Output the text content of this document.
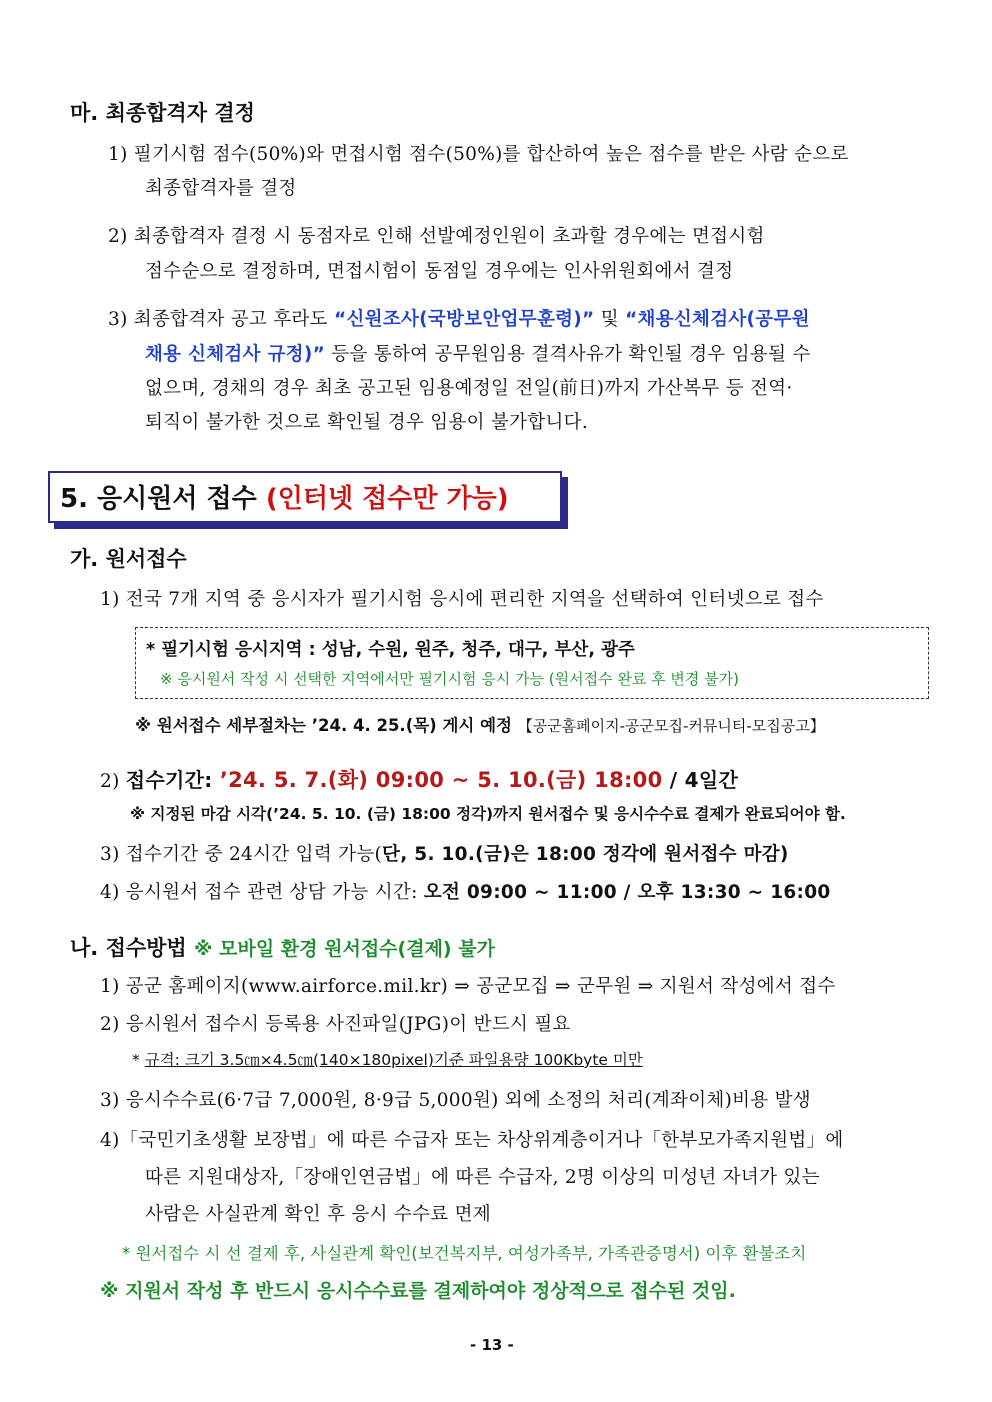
마. 최종합격자 결정
1) 필기시험 점수(50%)와 면접시험 점수(50%)를 합산하여 높은 점수를 받은 사람 순으로
최종합격자를 결정
2) 최종합격자 결정 시 동점자로 인해 선발예정인원이 초과할 경우에는 면접시험
점수순으로 결정하며, 면접시험이 동점일 경우에는 인사위원회에서 결정
3) 최종합격자 공고 후라도 “신원조사(국방보안업무훈령)” 및 “채용신체검사(공무원
채용 신체검사 규정)” 등을 통하여 공무원임용 결격사유가 확인될 경우 임용될 수
없으며, 경채의 경우 최초 공고된 임용예정일 전일(前日)까지 가산복무 등 전역·
퇴직이 불가한 것으로 확인될 경우 임용이 불가합니다.
5. 응시원서 접수 (인터넷 접수만 가능)
가. 원서접수
1) 전국 7개 지역 중 응시자가 필기시험 응시에 편리한 지역을 선택하여 인터넷으로 접수
* 필기시험 응시지역 : 성남, 수원, 원주, 청주, 대구, 부산, 광주
※ 응시원서 작성 시 선택한 지역에서만 필기시험 응시 가능 (원서접수 완료 후 변경 불가)
※ 원서접수 세부절차는 ’24. 4. 25.(목) 게시 예정 【공군홈페이지-공군모집-커뮤니티-모집공고】
2) 접수기간: ’24. 5. 7.(화) 09:00 ~ 5. 10.(금) 18:00 / 4일간
※ 지정된 마감 시각(’24. 5. 10. (금) 18:00 정각)까지 원서접수 및 응시수수료 결제가 완료되어야 함.
3) 접수기간 중 24시간 입력 가능(단, 5. 10.(금)은 18:00 정각에 원서접수 마감)
4) 응시원서 접수 관련 상담 가능 시간: 오전 09:00 ~ 11:00 / 오후 13:30 ~ 16:00
나. 접수방법 ※ 모바일 환경 원서접수(결제) 불가
1) 공군 홈페이지(www.airforce.mil.kr) ⇒ 공군모집 ⇒ 군무원 ⇒ 지원서 작성에서 접수
2) 응시원서 접수시 등록용 사진파일(JPG)이 반드시 필요
* 규격: 크기 3.5㎝×4.5㎝(140×180pixel)기준 파일용량 100Kbyte 미만
3) 응시수수료(6·7급 7,000원, 8·9급 5,000원) 외에 소정의 처리(계좌이체)비용 발생
4)「국민기초생활 보장법」에 따른 수급자 또는 차상위계층이거나「한부모가족지원법」에
따른 지원대상자,「장애인연금법」에 따른 수급자, 2명 이상의 미성년 자녀가 있는
사람은 사실관계 확인 후 응시 수수료 면제
* 원서접수 시 선 결제 후, 사실관계 확인(보건복지부, 여성가족부, 가족관증명서) 이후 환불조치
※ 지원서 작성 후 반드시 응시수수료를 결제하여야 정상적으로 접수된 것임.
- 13 -
